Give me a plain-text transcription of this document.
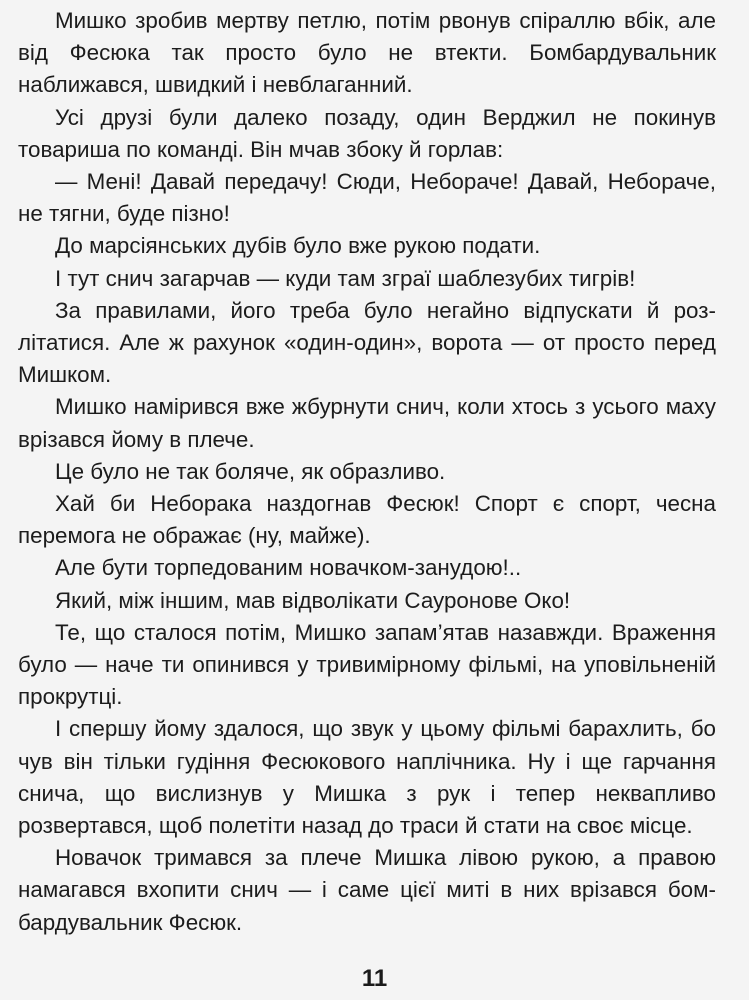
Мишко зробив мертву петлю, потім рвонув спіраллю вбік, але від Фесюка так просто було не втекти. Бомбардувальник наближався, швидкий і невблаганний.

Усі друзі були далеко позаду, один Верджил не покинув товариша по команді. Він мчав збоку й горлав:

— Мені! Давай передачу! Сюди, Небораче! Давай, Небораче, не тягни, буде пізно!

До марсіянських дубів було вже рукою подати.

І тут снич загарчав — куди там зграї шаблезубих тигрів!

За правилами, його треба було негайно відпускати й розлітатися. Але ж рахунок «один-один», ворота — от просто перед Мишком.

Мишко намірився вже жбурнути снич, коли хтось з усього маху врізався йому в плече.

Це було не так боляче, як образливо.

Хай би Неборака наздогнав Фесюк! Спорт є спорт, чесна перемога не ображає (ну, майже).

Але бути торпедованим новачком-занудою!..

Який, між іншим, мав відволікати Сауронове Око!

Те, що сталося потім, Мишко запам’ятав назавжди. Враження було — наче ти опинився у тривимірному фільмі, на уповільненій прокрутці.

І спершу йому здалося, що звук у цьому фільмі барахлить, бо чув він тільки гудіння Фесюкового наплічника. Ну і ще гарчання снича, що вислизнув у Мишка з рук і тепер неквапливо розвертався, щоб полетіти назад до траси й стати на своє місце.

Новачок тримався за плече Мишка лівою рукою, а правою намагався вхопити снич — і саме цієї миті в них врізався бомбардувальник Фесюк.

11
